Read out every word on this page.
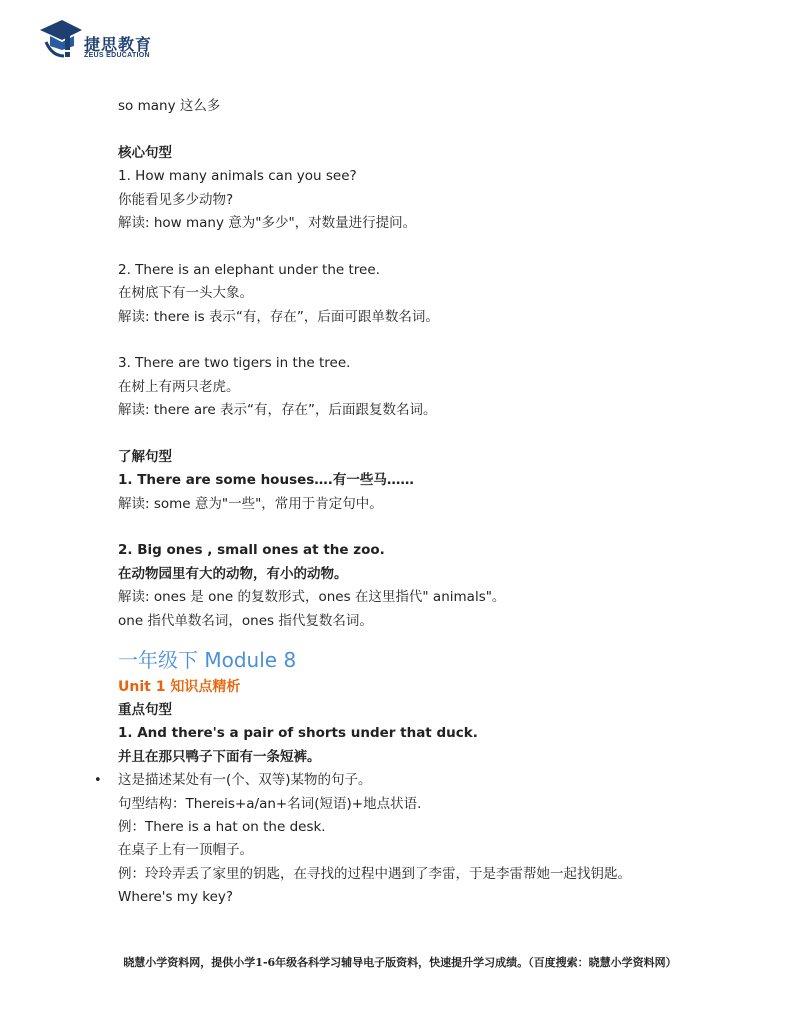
捷思教育
ZEUS EDUCATION
so many 这么多
核心句型
1. How many animals can you see?
你能看见多少动物?
解读: how many 意为"多少"，对数量进行提问。
2. There is an elephant under the tree.
在树底下有一头大象。
解读: there is 表示“有，存在”，后面可跟单数名词。
3. There are two tigers in the tree.
在树上有两只老虎。
解读: there are 表示“有，存在”，后面跟复数名词。
了解句型
1. There are some houses….有一些马……
解读: some 意为"一些"，常用于肯定句中。
2. Big ones , small ones at the zoo.
在动物园里有大的动物，有小的动物。
解读: ones 是 one 的复数形式，ones 在这里指代" animals"。
one 指代单数名词，ones 指代复数名词。
一年级下 Module 8
Unit 1 知识点精析
重点句型
1. And there's a pair of shorts under that duck.
并且在那只鸭子下面有一条短裤。
• 这是描述某处有一(个、双等)某物的句子。
句型结构：Thereis+a/an+名词(短语)+地点状语.
例：There is a hat on the desk.
在桌子上有一顶帽子。
例：玲玲弄丢了家里的钥匙，在寻找的过程中遇到了李雷，于是李雷帮她一起找钥匙。
Where's my key?
晓慧小学资料网，提供小学1-6年级各科学习辅导电子版资料，快速提升学习成绩。（百度搜索：晓慧小学资料网）
